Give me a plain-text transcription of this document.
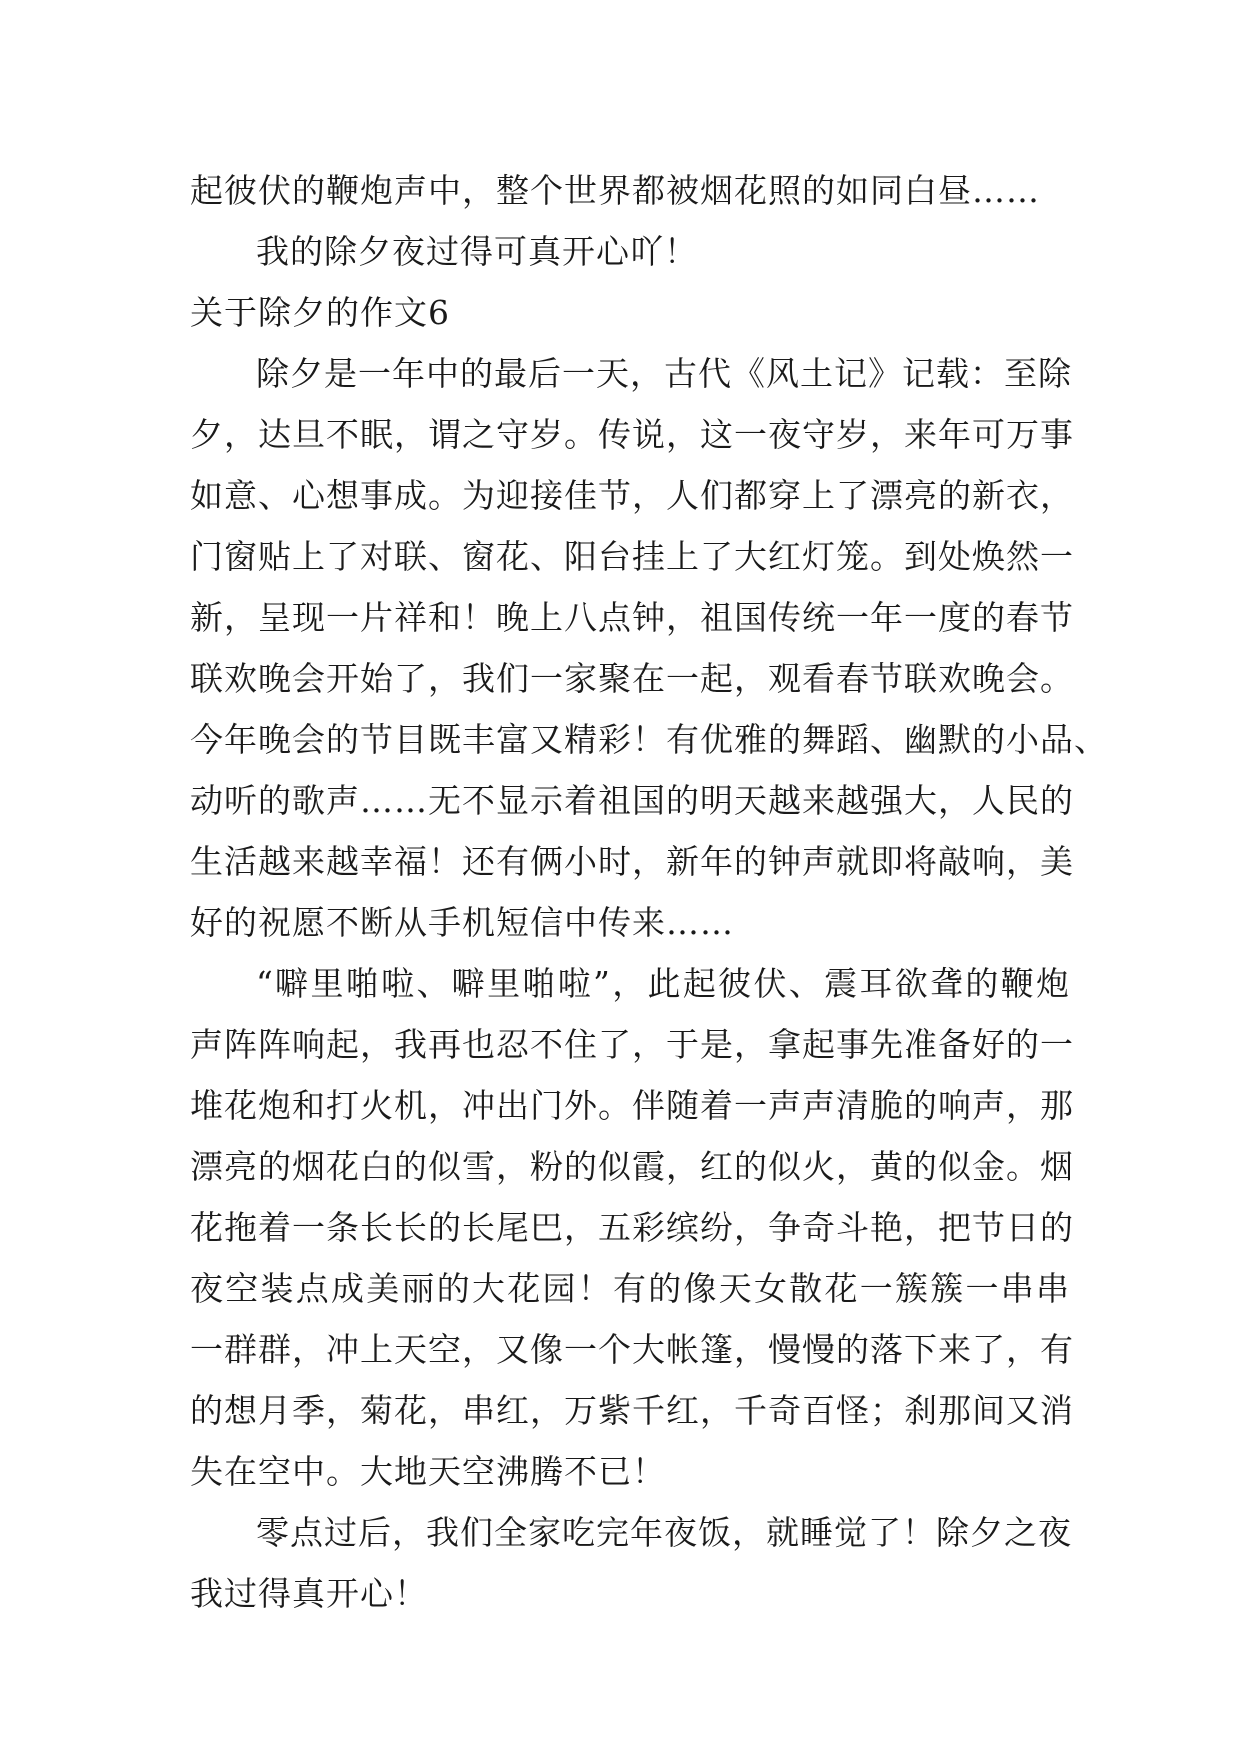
起彼伏的鞭炮声中，整个世界都被烟花照的如同白昼……
我的除夕夜过得可真开心吖！
关于除夕的作文6
除夕是一年中的最后一天，古代《风土记》记载：至除
夕，达旦不眠，谓之守岁。传说，这一夜守岁，来年可万事
如意、心想事成。为迎接佳节，人们都穿上了漂亮的新衣，
门窗贴上了对联、窗花、阳台挂上了大红灯笼。到处焕然一
新，呈现一片祥和！晚上八点钟，祖国传统一年一度的春节
联欢晚会开始了，我们一家聚在一起，观看春节联欢晚会。
今年晚会的节目既丰富又精彩！有优雅的舞蹈、幽默的小品、
动听的歌声……无不显示着祖国的明天越来越强大，人民的
生活越来越幸福！还有俩小时，新年的钟声就即将敲响，美
好的祝愿不断从手机短信中传来……
“噼里啪啦、噼里啪啦”，此起彼伏、震耳欲聋的鞭炮
声阵阵响起，我再也忍不住了，于是，拿起事先准备好的一
堆花炮和打火机，冲出门外。伴随着一声声清脆的响声，那
漂亮的烟花白的似雪，粉的似霞，红的似火，黄的似金。烟
花拖着一条长长的长尾巴，五彩缤纷，争奇斗艳，把节日的
夜空装点成美丽的大花园！有的像天女散花一簇簇一串串
一群群，冲上天空，又像一个大帐篷，慢慢的落下来了，有
的想月季，菊花，串红，万紫千红，千奇百怪；刹那间又消
失在空中。大地天空沸腾不已！
零点过后，我们全家吃完年夜饭，就睡觉了！除夕之夜
我过得真开心！
